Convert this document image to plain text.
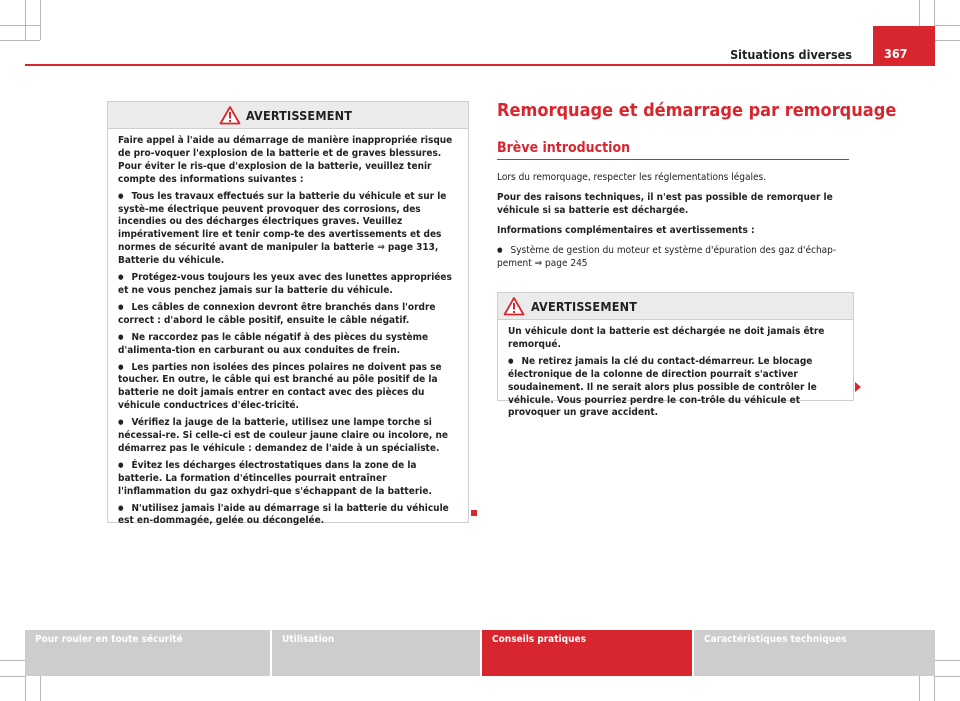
Situations diverses	367
AVERTISSEMENT

Faire appel à l'aide au démarrage de manière inappropriée risque de pro-voquer l'explosion de la batterie et de graves blessures. Pour éviter le ris-que d'explosion de la batterie, veuillez tenir compte des informations suivantes :

● Tous les travaux effectués sur la batterie du véhicule et sur le systè-me électrique peuvent provoquer des corrosions, des incendies ou des décharges électriques graves. Veuillez impérativement lire et tenir comp-te des avertissements et des normes de sécurité avant de manipuler la batterie ⇒ page 313, Batterie du véhicule.

● Protégez-vous toujours les yeux avec des lunettes appropriées et ne vous penchez jamais sur la batterie du véhicule.

● Les câbles de connexion devront être branchés dans l'ordre correct : d'abord le câble positif, ensuite le câble négatif.

● Ne raccordez pas le câble négatif à des pièces du système d'alimenta-tion en carburant ou aux conduites de frein.

● Les parties non isolées des pinces polaires ne doivent pas se toucher. En outre, le câble qui est branché au pôle positif de la batterie ne doit jamais entrer en contact avec des pièces du véhicule conductrices d'élec-tricité.

● Vérifiez la jauge de la batterie, utilisez une lampe torche si nécessai-re. Si celle-ci est de couleur jaune claire ou incolore, ne démarrez pas le véhicule : demandez de l'aide à un spécialiste.

● Évitez les décharges électrostatiques dans la zone de la batterie. La formation d'étincelles pourrait entraîner l'inflammation du gaz oxhydri-que s'échappant de la batterie.

● N'utilisez jamais l'aide au démarrage si la batterie du véhicule est en-dommagée, gelée ou décongelée.

Remorquage et démarrage par remorquage
Brève introduction

Lors du remorquage, respecter les réglementations légales.

Pour des raisons techniques, il n'est pas possible de remorquer le véhicule si sa batterie est déchargée.

Informations complémentaires et avertissements :

● Système de gestion du moteur et système d'épuration des gaz d'échap-pement ⇒ page 245

AVERTISSEMENT

Un véhicule dont la batterie est déchargée ne doit jamais être remorqué.

● Ne retirez jamais la clé du contact-démarreur. Le blocage électronique de la colonne de direction pourrait s'activer soudainement. Il ne serait alors plus possible de contrôler le véhicule. Vous pourriez perdre le con-trôle du véhicule et provoquer un grave accident.

Pour rouler en toute sécurité	Utilisation	Conseils pratiques	Caractéristiques techniques
